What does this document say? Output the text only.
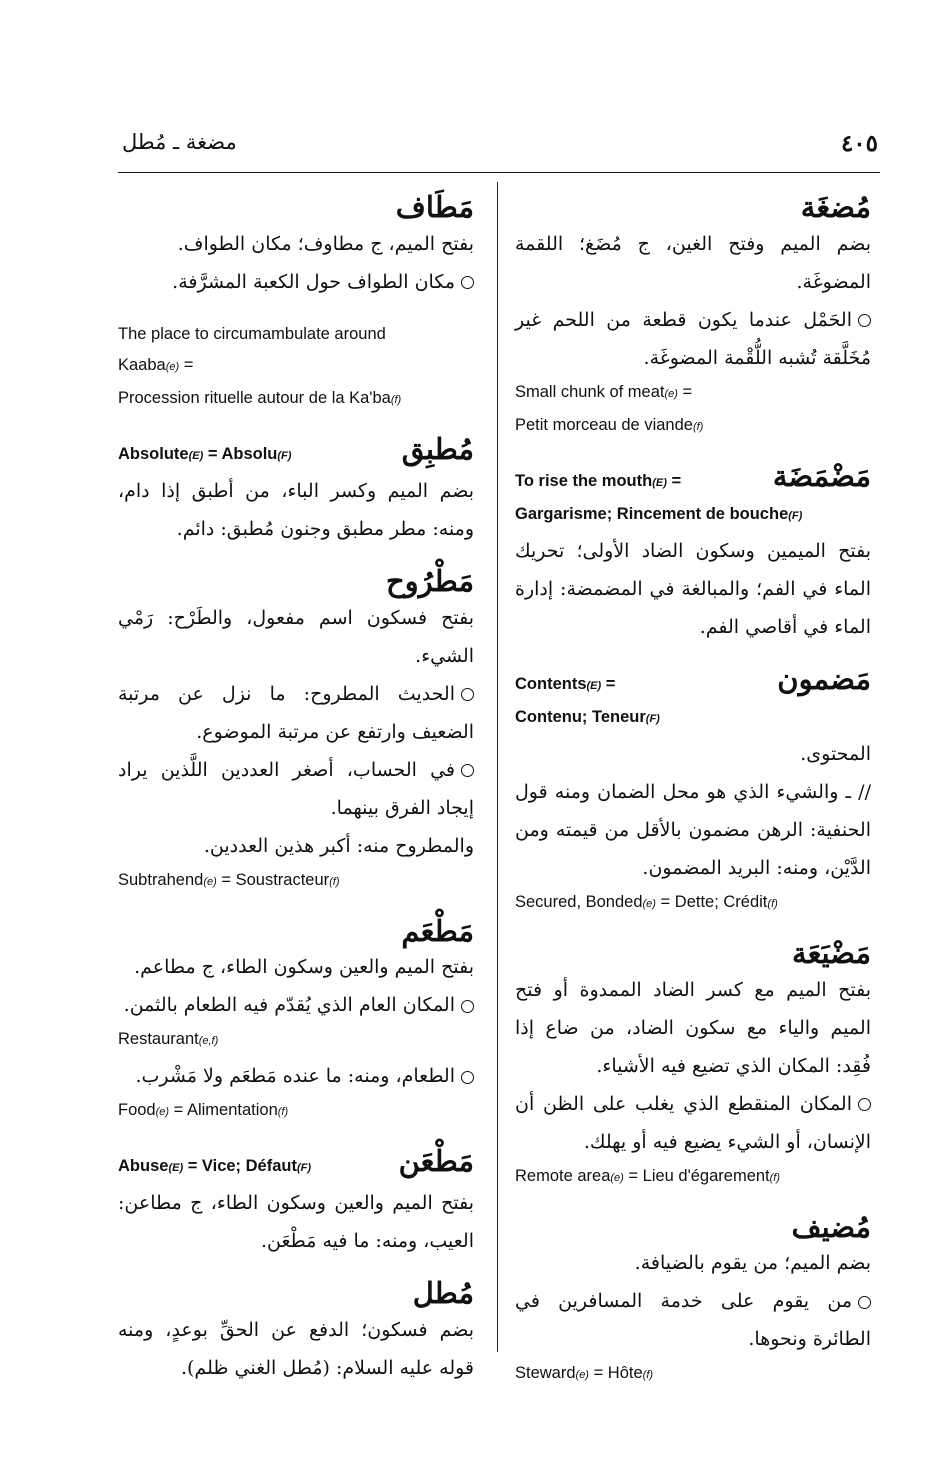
مضغة ـ مُطل	٤٠٥
مُضغَة
بضم الميم وفتح الغين، ج مُضَغ؛ اللقمة المضوغَة.
الحَمْل عندما يكون قطعة من اللحم غير مُخَلَّقة تُشبه اللُّقْمة المضوغَة.
Small chunk of meat(e) =
Petit morceau de viande(f)
To rise the mouth(E) =	مَضْمَضَة
Gargarisme; Rincement de bouche(F)
بفتح الميمين وسكون الضاد الأولى؛ تحريك الماء في الفم؛ والمبالغة في المضمضة: إدارة الماء في أقاصي الفم.
Contents(E) =	مَضمون
Contenu; Teneur(F)
المحتوى.
// ـ والشيء الذي هو محل الضمان ومنه قول الحنفية: الرهن مضمون بالأقل من قيمته ومن الدَّيْن، ومنه: البريد المضمون.
Secured, Bonded(e) = Dette; Crédit(f)
مَضْيَعَة
بفتح الميم مع كسر الضاد الممدوة أو فتح الميم والياء مع سكون الضاد، من ضاع إذا فُقِد: المكان الذي تضيع فيه الأشياء.
المكان المنقطع الذي يغلب على الظن أن الإنسان، أو الشيء يضيع فيه أو يهلك.
Remote area(e) = Lieu d'égarement(f)
مُضيف
بضم الميم؛ من يقوم بالضيافة.
من يقوم على خدمة المسافرين في الطائرة ونحوها.
Steward(e) = Hôte(f)
مَطَاف
بفتح الميم، ج مطاوف؛ مكان الطواف.
مكان الطواف حول الكعبة المشرَّفة.
The place to circumambulate around
Kaaba(e) =
Procession rituelle autour de la Ka'ba(f)
Absolute(E) = Absolu(F)	مُطبِق
بضم الميم وكسر الباء، من أطبق إذا دام، ومنه: مطر مطبق وجنون مُطبق: دائم.
مَطْرُوح
بفتح فسكون اسم مفعول، والطَرْح: رَمْي الشيء.
الحديث المطروح: ما نزل عن مرتبة الضعيف وارتفع عن مرتبة الموضوع.
في الحساب، أصغر العددين اللَّذين يراد إيجاد الفرق بينهما.
والمطروح منه: أكبر هذين العددين.
Subtrahend(e) = Soustracteur(f)
مَطْعَم
بفتح الميم والعين وسكون الطاء، ج مطاعم.
المكان العام الذي يُقدّم فيه الطعام بالثمن.
Restaurant(e,f)
الطعام، ومنه: ما عنده مَطعَم ولا مَشْرب.
Food(e) = Alimentation(f)
Abuse(E) = Vice; Défaut(F)	مَطْعَن
بفتح الميم والعين وسكون الطاء، ج مطاعن: العيب، ومنه: ما فيه مَطْعَن.
مُطل
بضم فسكون؛ الدفع عن الحقِّ بوعدٍ، ومنه قوله عليه السلام: (مُطل الغني ظلم).
